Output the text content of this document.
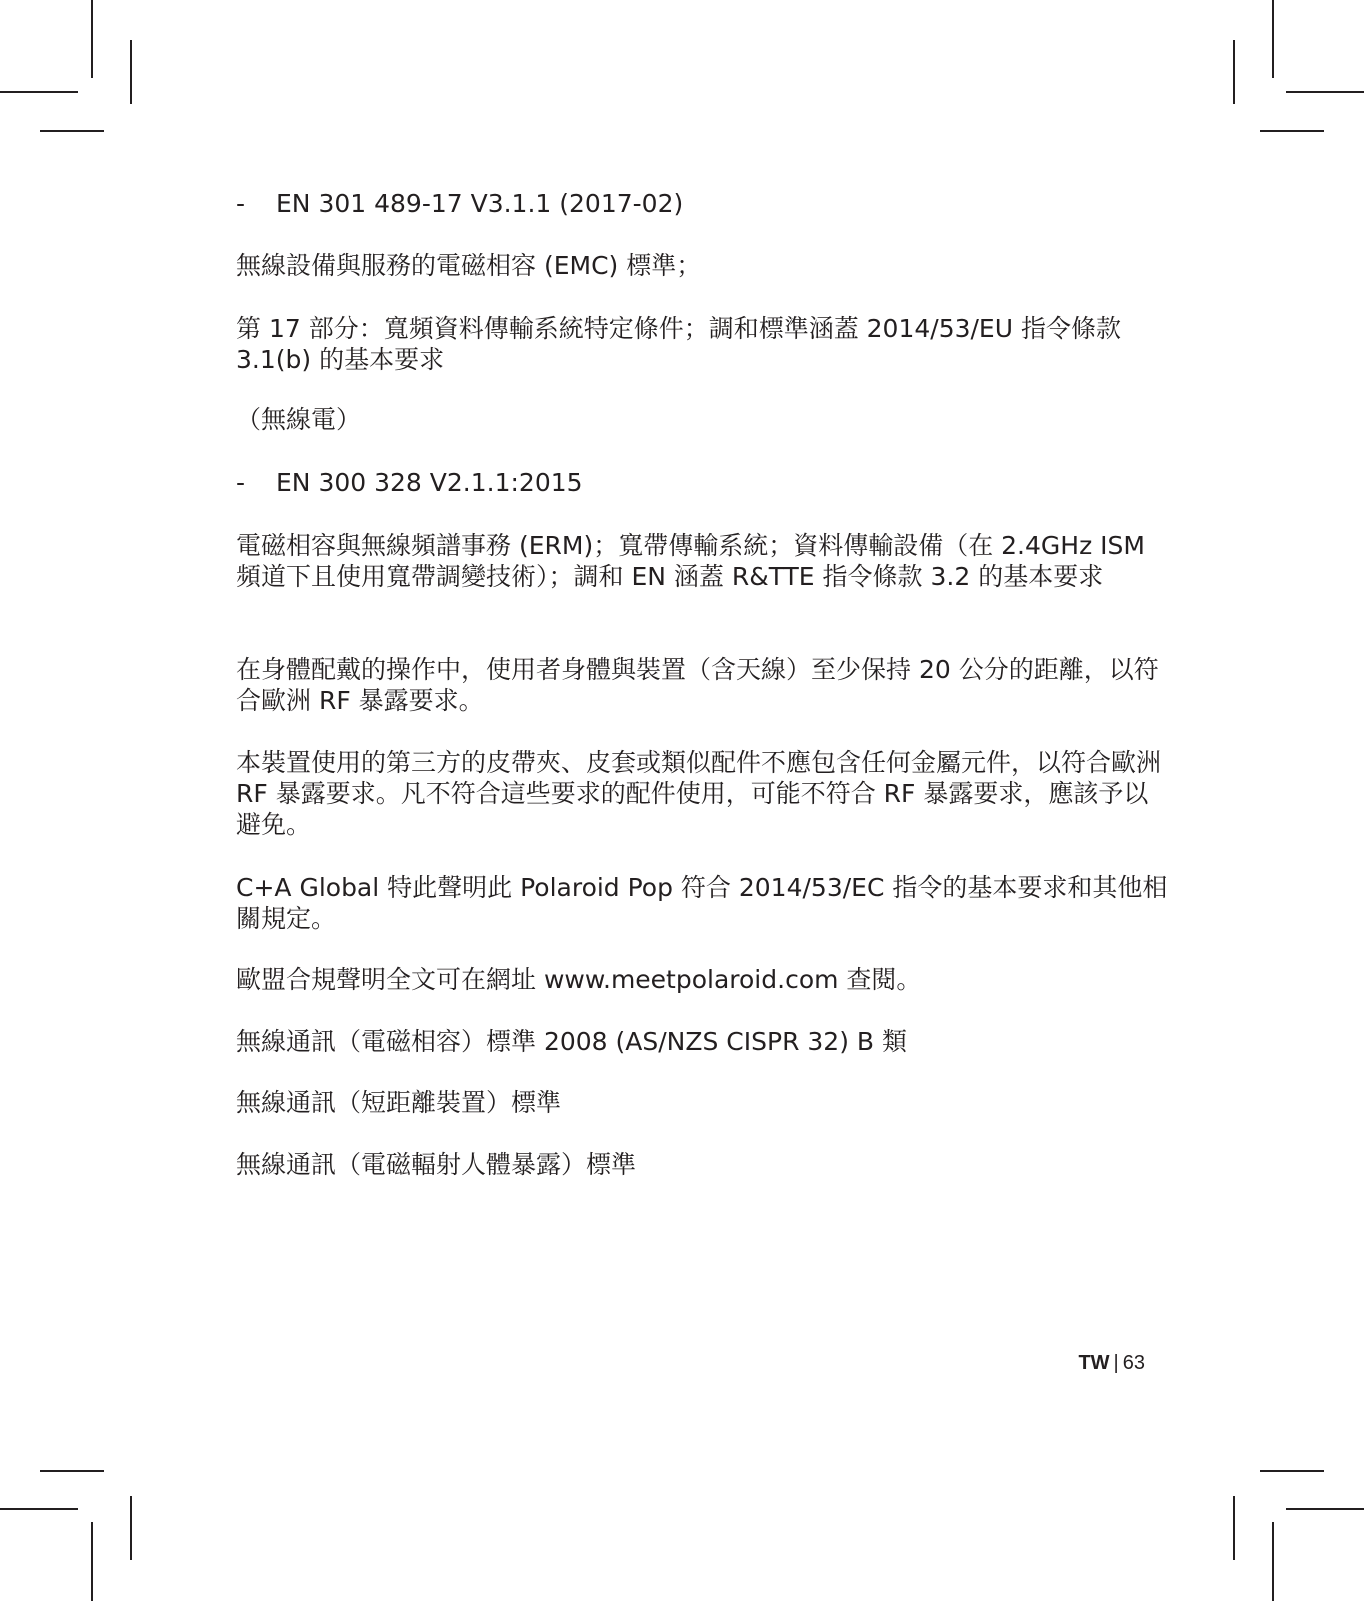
- EN 301 489-17 V3.1.1 (2017-02)

無線設備與服務的電磁相容 (EMC) 標準；

第 17 部分：寬頻資料傳輸系統特定條件；調和標準涵蓋 2014/53/EU 指令條款 3.1(b) 的基本要求

（無線電）

- EN 300 328 V2.1.1:2015

電磁相容與無線頻譜事務 (ERM)；寬帶傳輸系統；資料傳輸設備（在 2.4GHz ISM 頻道下且使用寬帶調變技術）；調和 EN 涵蓋 R&TTE 指令條款 3.2 的基本要求

在身體配戴的操作中，使用者身體與裝置（含天線）至少保持 20 公分的距離，以符合歐洲 RF 暴露要求。

本裝置使用的第三方的皮帶夾、皮套或類似配件不應包含任何金屬元件，以符合歐洲 RF 暴露要求。凡不符合這些要求的配件使用，可能不符合 RF 暴露要求，應該予以避免。

C+A Global 特此聲明此 Polaroid Pop 符合 2014/53/EC 指令的基本要求和其他相關規定。

歐盟合規聲明全文可在網址 www.meetpolaroid.com 查閱。

無線通訊（電磁相容）標準 2008 (AS/NZS CISPR 32) B 類

無線通訊（短距離裝置）標準

無線通訊（電磁輻射人體暴露）標準

TW | 63
